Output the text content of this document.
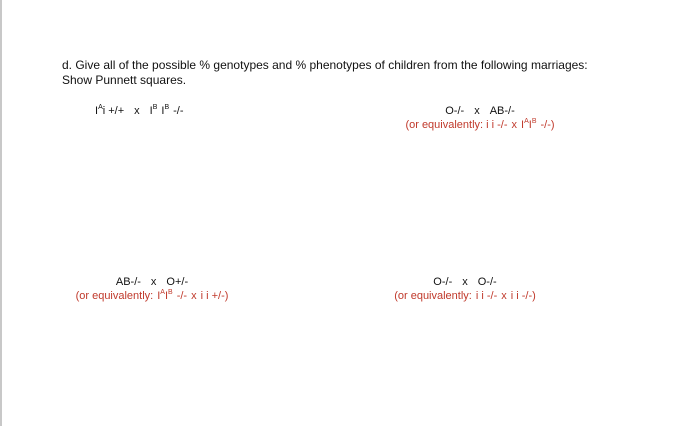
d. Give all of the possible % genotypes and % phenotypes of children from the following marriages:
Show Punnett squares.
$I^Ai$ +/+ x $I^B$ $I^B$ -/-	O-/- x AB-/-
(or equivalently: i i -/- x $I^AI^B$ -/-)
AB-/- x O+/-
(or equivalently: $I^AI^B$ -/- x i i +/-)
O-/- x O-/-
(or equivalently: i i -/- x i i -/-)
